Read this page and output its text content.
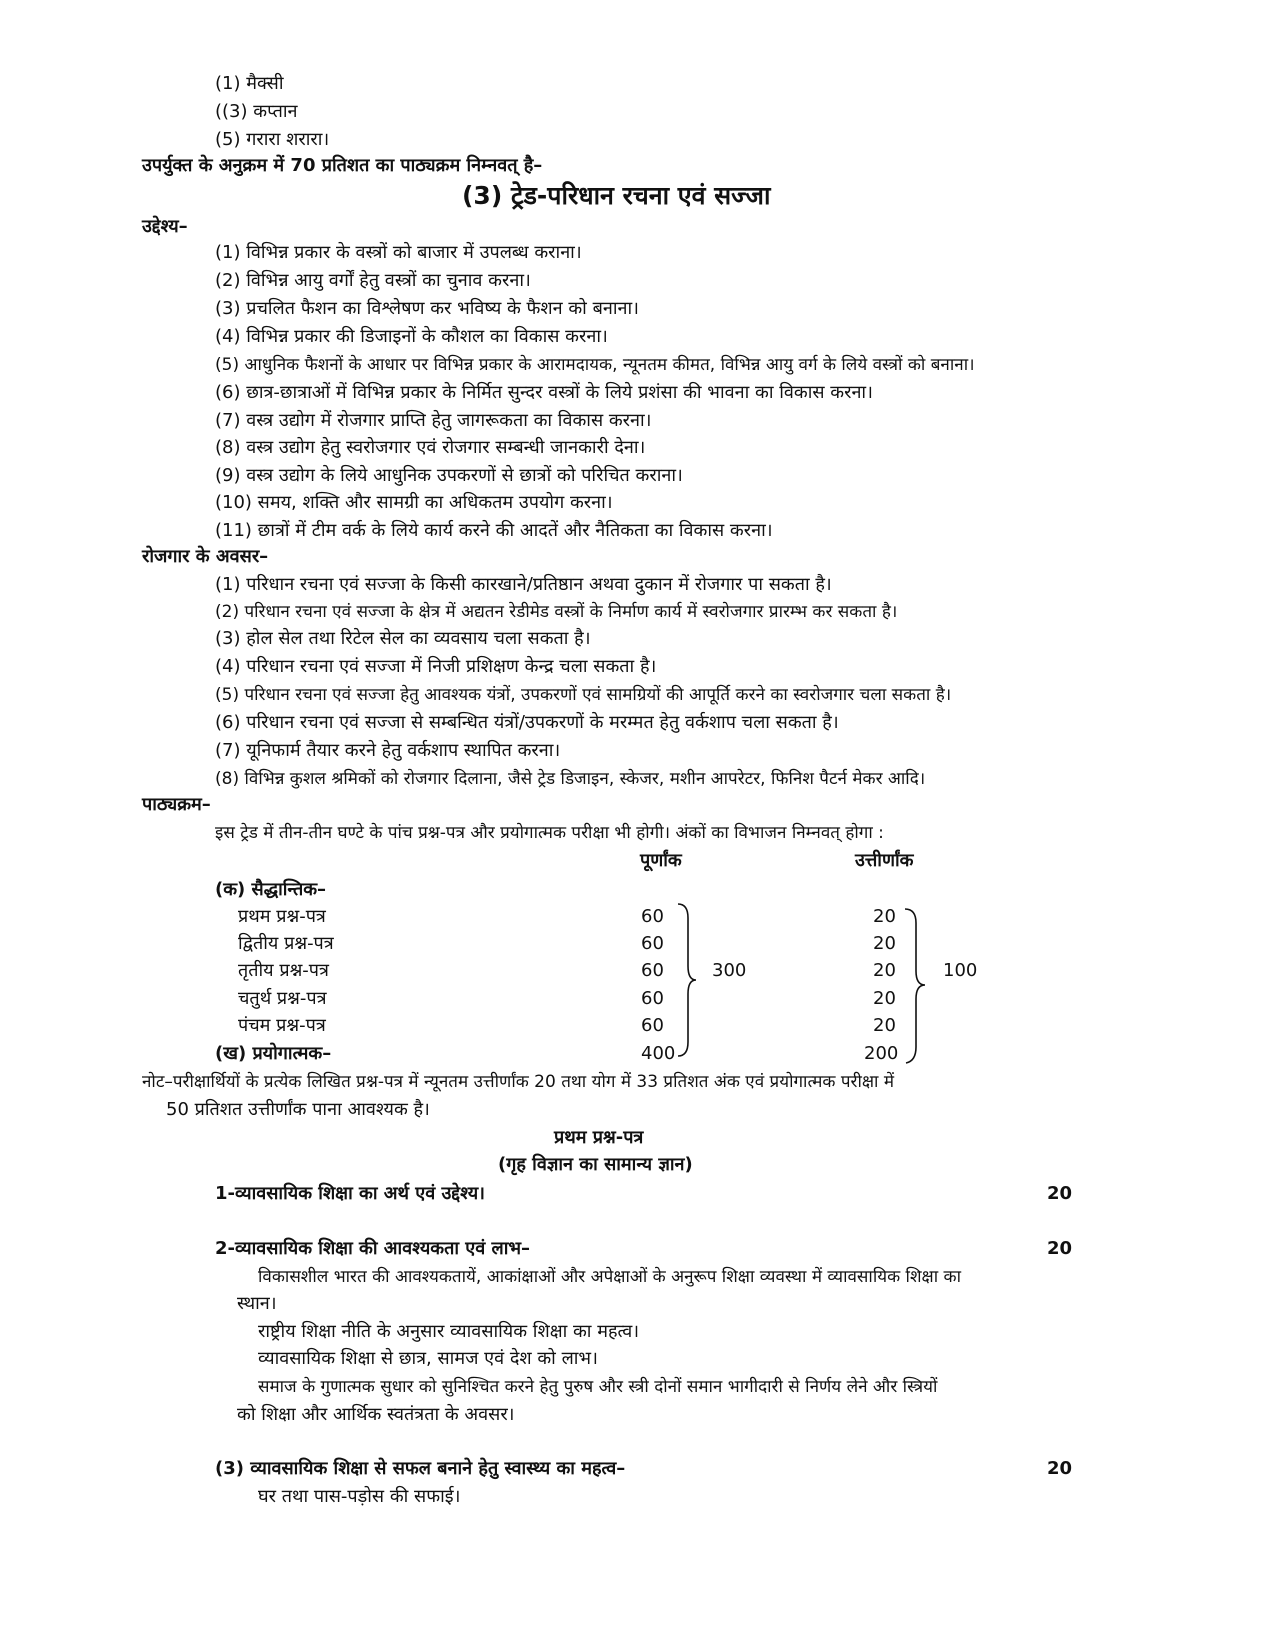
(1) मैक्सी
((3) कप्तान
(5) गरारा शरारा।
उपर्युक्त के अनुक्रम में 70 प्रतिशत का पाठ्यक्रम निम्नवत् है–
(3) ट्रेड-परिधान रचना एवं सज्जा
उद्देश्य–
(1) विभिन्न प्रकार के वस्त्रों को बाजार में उपलब्ध कराना।
(2) विभिन्न आयु वर्गों हेतु वस्त्रों का चुनाव करना।
(3) प्रचलित फैशन का विश्लेषण कर भविष्य के फैशन को बनाना।
(4) विभिन्न प्रकार की डिजाइनों के कौशल का विकास करना।
(5) आधुनिक फैशनों के आधार पर विभिन्न प्रकार के आरामदायक, न्यूनतम कीमत, विभिन्न आयु वर्ग के लिये वस्त्रों को बनाना।
(6) छात्र-छात्राओं में विभिन्न प्रकार के निर्मित सुन्दर वस्त्रों के लिये प्रशंसा की भावना का विकास करना।
(7) वस्त्र उद्योग में रोजगार प्राप्ति हेतु जागरूकता का विकास करना।
(8) वस्त्र उद्योग हेतु स्वरोजगार एवं रोजगार सम्बन्धी जानकारी देना।
(9) वस्त्र उद्योग के लिये आधुनिक उपकरणों से छात्रों को परिचित कराना।
(10) समय, शक्ति और सामग्री का अधिकतम उपयोग करना।
(11) छात्रों में टीम वर्क के लिये कार्य करने की आदतें और नैतिकता का विकास करना।
रोजगार के अवसर–
(1) परिधान रचना एवं सज्जा के किसी कारखाने/प्रतिष्ठान अथवा दुकान में रोजगार पा सकता है।
(2) परिधान रचना एवं सज्जा के क्षेत्र में अद्यतन रेडीमेड वस्त्रों के निर्माण कार्य में स्वरोजगार प्रारम्भ कर सकता है।
(3) होल सेल तथा रिटेल सेल का व्यवसाय चला सकता है।
(4) परिधान रचना एवं सज्जा में निजी प्रशिक्षण केन्द्र चला सकता है।
(5) परिधान रचना एवं सज्जा हेतु आवश्यक यंत्रों, उपकरणों एवं सामग्रियों की आपूर्ति करने का स्वरोजगार चला सकता है।
(6) परिधान रचना एवं सज्जा से सम्बन्धित यंत्रों/उपकरणों के मरम्मत हेतु वर्कशाप चला सकता है।
(7) यूनिफार्म तैयार करने हेतु वर्कशाप स्थापित करना।
(8) विभिन्न कुशल श्रमिकों को रोजगार दिलाना, जैसे ट्रेड डिजाइन, स्केजर, मशीन आपरेटर, फिनिश पैटर्न मेकर आदि।
पाठ्यक्रम–
इस ट्रेड में तीन-तीन घण्टे के पांच प्रश्न-पत्र और प्रयोगात्मक परीक्षा भी होगी। अंकों का विभाजन निम्नवत् होगा :
पूर्णांक	उत्तीर्णांक
(क) सैद्धान्तिक–
प्रथम प्रश्न-पत्र	60	20
द्वितीय प्रश्न-पत्र	60	20
तृतीय प्रश्न-पत्र	60	20
चतुर्थ प्रश्न-पत्र	60	20
पंचम प्रश्न-पत्र	60	20
300	100
(ख) प्रयोगात्मक–	400	200
नोट–परीक्षार्थियों के प्रत्येक लिखित प्रश्न-पत्र में न्यूनतम उत्तीर्णांक 20 तथा योग में 33 प्रतिशत अंक एवं प्रयोगात्मक परीक्षा में
50 प्रतिशत उत्तीर्णांक पाना आवश्यक है।
प्रथम प्रश्न-पत्र
(गृह विज्ञान का सामान्य ज्ञान)
1-व्यावसायिक शिक्षा का अर्थ एवं उद्देश्य।	20
2-व्यावसायिक शिक्षा की आवश्यकता एवं लाभ–	20
विकासशील भारत की आवश्यकतायें, आकांक्षाओं और अपेक्षाओं के अनुरूप शिक्षा व्यवस्था में व्यावसायिक शिक्षा का
स्थान।
राष्ट्रीय शिक्षा नीति के अनुसार व्यावसायिक शिक्षा का महत्व।
व्यावसायिक शिक्षा से छात्र, सामज एवं देश को लाभ।
समाज के गुणात्मक सुधार को सुनिश्चित करने हेतु पुरुष और स्त्री दोनों समान भागीदारी से निर्णय लेने और स्त्रियों
को शिक्षा और आर्थिक स्वतंत्रता के अवसर।
(3) व्यावसायिक शिक्षा से सफल बनाने हेतु स्वास्थ्य का महत्व–	20
घर तथा पास-पड़ोस की सफाई।
